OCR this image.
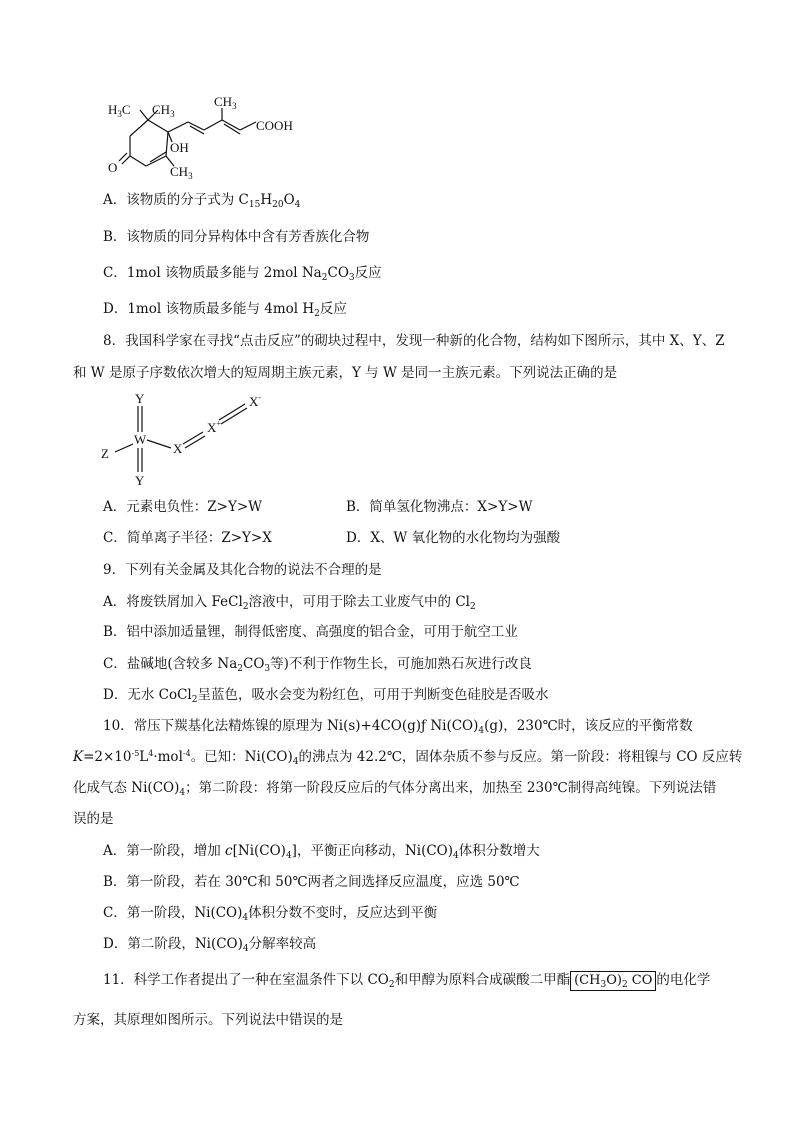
$H_3C$ $CH_3$
$CH_3$
COOH
OH
O	$CH_3$
A．该物质的分子式为 $C_{15}H_{20}O_4$
B．该物质的同分异构体中含有芳香族化合物
C．1mol 该物质最多能与 2mol $Na_2CO_3$反应
D．1mol 该物质最多能与 4mol $H_2$反应
8．我国科学家在寻找“点击反应”的砌块过程中，发现一种新的化合物，结构如下图所示，其中 X、Y、Z
和 W 是原子序数依次增大的短周期主族元素，Y 与 W 是同一主族元素。下列说法正确的是
Y
W
Y
Z	X
X+
X-
A．元素电负性：Z>Y>W	B．简单氢化物沸点：X>Y>W
C．简单离子半径：Z>Y>X	D．X、W 氧化物的水化物均为强酸
9．下列有关金属及其化合物的说法不合理的是
A．将废铁屑加入 FeCl$_2$溶液中，可用于除去工业废气中的 $Cl_2$
B．铝中添加适量锂，制得低密度、高强度的铝合金，可用于航空工业
C．盐碱地(含较多 $Na_2CO_3$等)不利于作物生长，可施加熟石灰进行改良
D．无水 CoCl$_2$呈蓝色，吸水会变为粉红色，可用于判断变色硅胶是否吸水
10．常压下羰基化法精炼镍的原理为 Ni(s)+4CO(g)ƒ $Ni(CO)_4(g)$，230℃时，该反应的平衡常数
$K=2\times 10^{-5}L^4\cdot mol^{-4}$。已知：$Ni(CO)_4$的沸点为 42.2℃，固体杂质不参与反应。第一阶段：将粗镍与 CO 反应转
化成气态 $Ni(CO)_4$；第二阶段：将第一阶段反应后的气体分离出来，加热至 230℃制得高纯镍。下列说法错
误的是
A．第一阶段，增加 $c[Ni(CO)_4]$，平衡正向移动，$Ni(CO)_4$体积分数增大
B．第一阶段，若在 30℃和 50℃两者之间选择反应温度，应选 50℃
C．第一阶段，$Ni(CO)_4$体积分数不变时，反应达到平衡
D．第二阶段，$Ni(CO)_4$分解率较高
11．科学工作者提出了一种在室温条件下以 $CO_2$和甲醇为原料合成碳酸二甲酯 $(CH_3O)_2$ CO 的电化学
方案，其原理如图所示。下列说法中错误的是
